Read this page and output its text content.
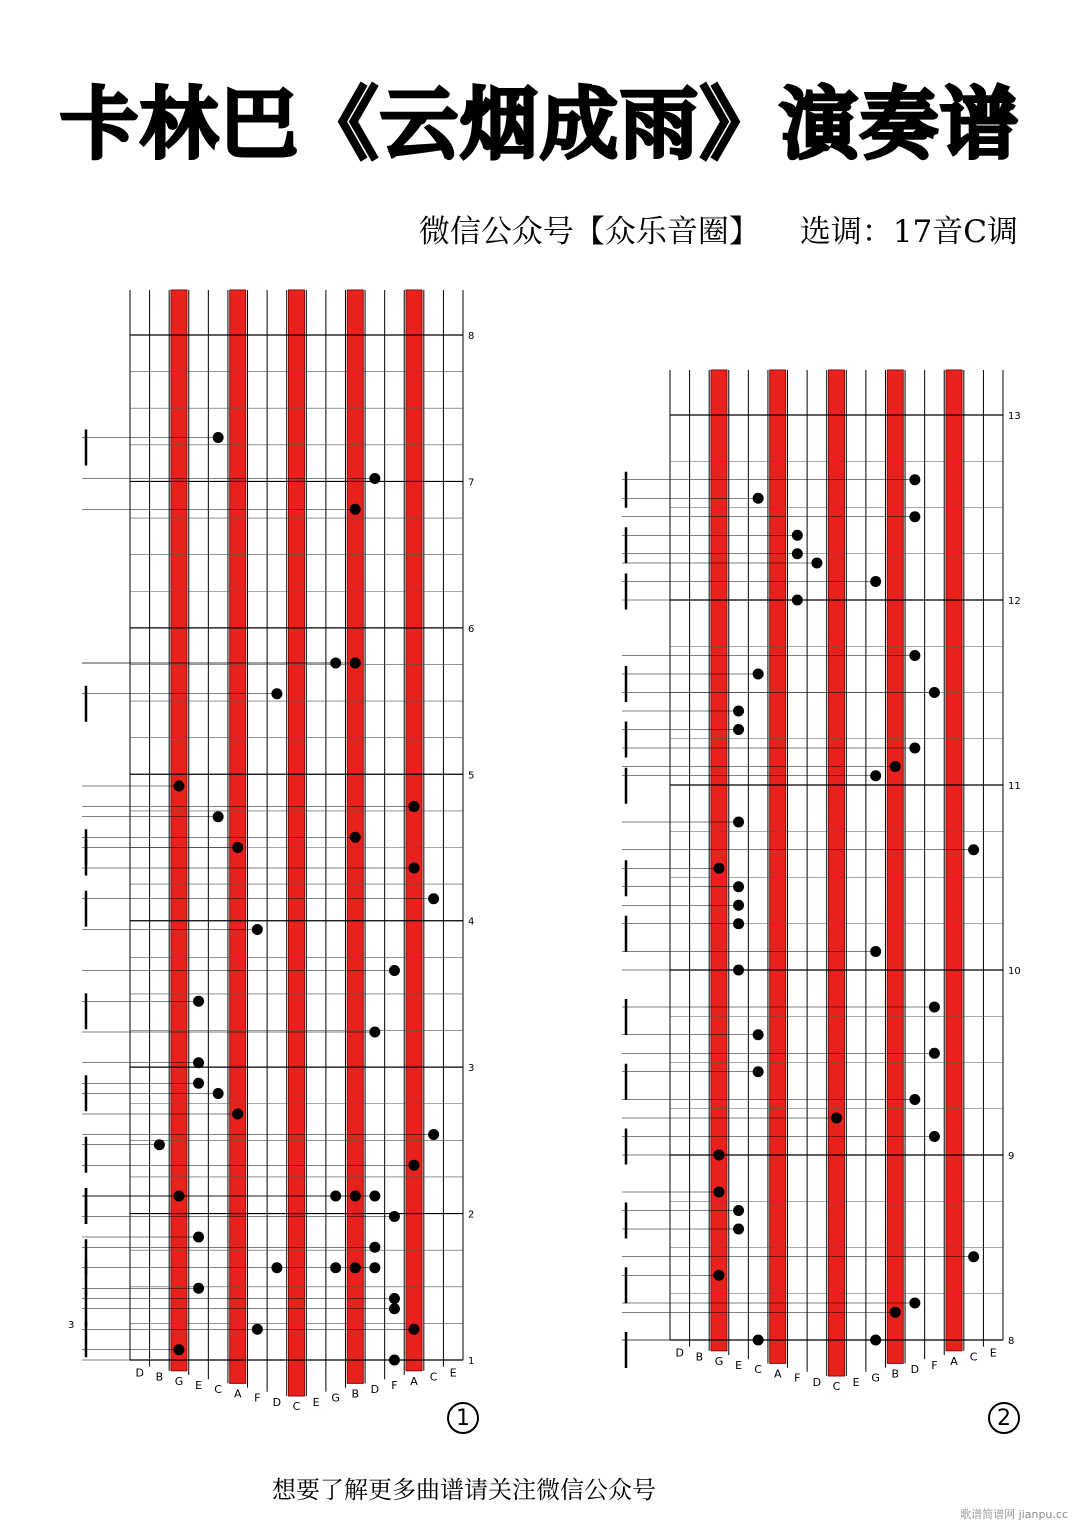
卡林巴《云烟成雨》演奏谱
微信公众号【众乐音圈】 选调：17音C调
8
7
6
5
4
3
2
1
D B G E C A F D C E G B D F A C E
3
1
13
12
11
10
9
8
D B G E C A F D C E G B D F A C E
2
想要了解更多曲谱请关注微信公众号
歌谱简谱网 jianpu.cc
